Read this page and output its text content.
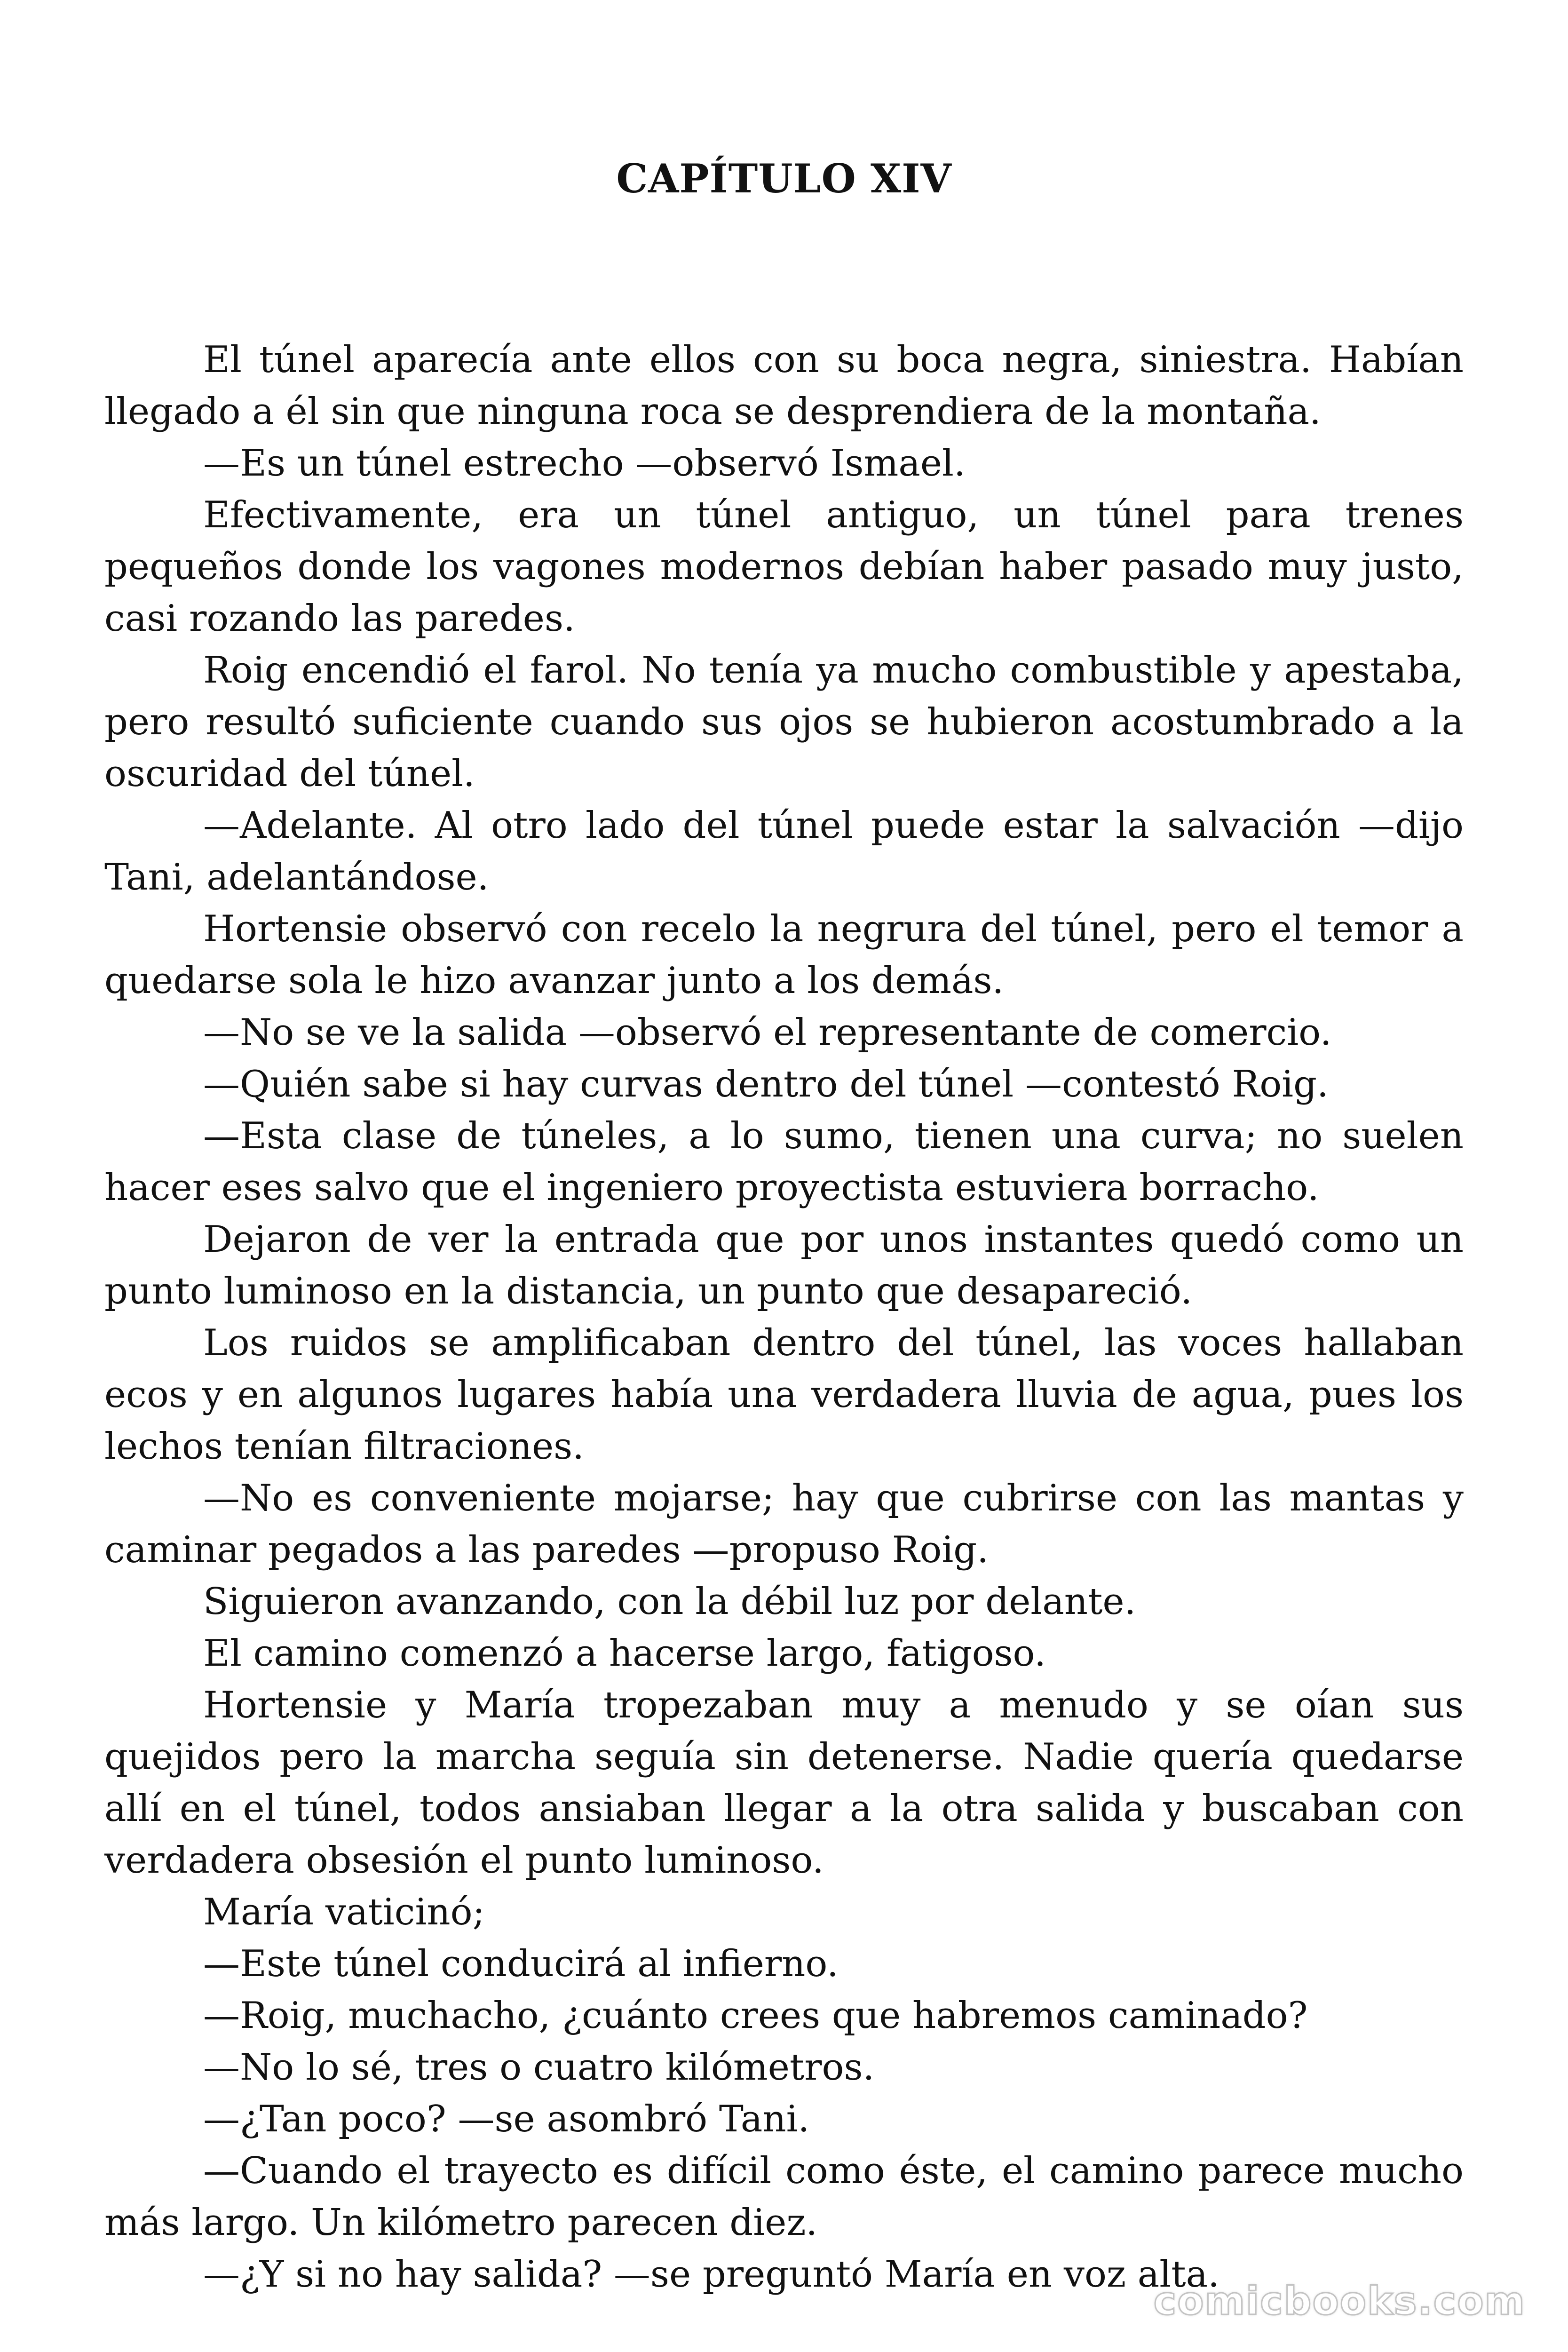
CAPÍTULO XIV

El túnel aparecía ante ellos con su boca negra, siniestra. Habían llegado a él sin que ninguna roca se desprendiera de la montaña.

—Es un túnel estrecho —observó Ismael.

Efectivamente, era un túnel antiguo, un túnel para trenes pequeños donde los vagones modernos debían haber pasado muy justo, casi rozando las paredes.

Roig encendió el farol. No tenía ya mucho combustible y apestaba, pero resultó suficiente cuando sus ojos se hubieron acostumbrado a la oscuridad del túnel.

—Adelante. Al otro lado del túnel puede estar la salvación —dijo Tani, adelantándose.

Hortensie observó con recelo la negrura del túnel, pero el temor a quedarse sola le hizo avanzar junto a los demás.

—No se ve la salida —observó el representante de comercio.

—Quién sabe si hay curvas dentro del túnel —contestó Roig.

—Esta clase de túneles, a lo sumo, tienen una curva; no suelen hacer eses salvo que el ingeniero proyectista estuviera borracho.

Dejaron de ver la entrada que por unos instantes quedó como un punto luminoso en la distancia, un punto que desapareció.

Los ruidos se amplificaban dentro del túnel, las voces hallaban ecos y en algunos lugares había una verdadera lluvia de agua, pues los lechos tenían filtraciones.

—No es conveniente mojarse; hay que cubrirse con las mantas y caminar pegados a las paredes —propuso Roig.

Siguieron avanzando, con la débil luz por delante.

El camino comenzó a hacerse largo, fatigoso.

Hortensie y María tropezaban muy a menudo y se oían sus quejidos pero la marcha seguía sin detenerse. Nadie quería quedarse allí en el túnel, todos ansiaban llegar a la otra salida y buscaban con verdadera obsesión el punto luminoso.

María vaticinó;

—Este túnel conducirá al infierno.

—Roig, muchacho, ¿cuánto crees que habremos caminado?

—No lo sé, tres o cuatro kilómetros.

—¿Tan poco? —se asombró Tani.

—Cuando el trayecto es difícil como éste, el camino parece mucho más largo. Un kilómetro parecen diez.

—¿Y si no hay salida? —se preguntó María en voz alta.

comicbooks.com
